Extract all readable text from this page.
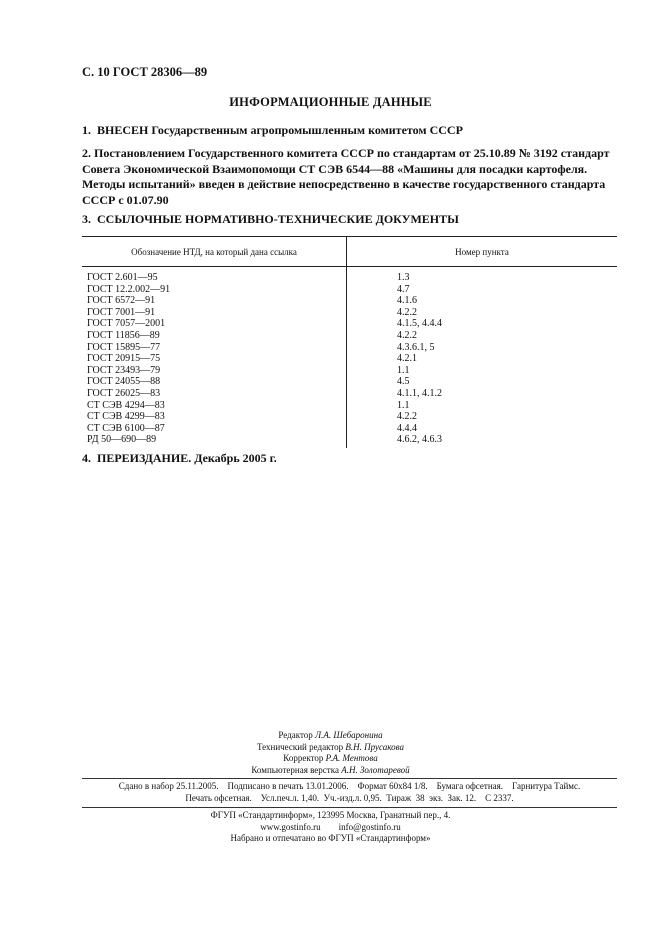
С. 10 ГОСТ 28306—89
ИНФОРМАЦИОННЫЕ ДАННЫЕ
1. ВНЕСЕН Государственным агропромышленным комитетом СССР
2. Постановлением Государственного комитета СССР по стандартам от 25.10.89 № 3192 стандарт
Совета Экономической Взаимопомощи СТ СЭВ 6544—88 «Машины для посадки картофеля.
Методы испытаний» введен в действие непосредственно в качестве государственного стандарта
СССР с 01.07.90
3. ССЫЛОЧНЫЕ НОРМАТИВНО-ТЕХНИЧЕСКИЕ ДОКУМЕНТЫ
Обозначение НТД, на который дана ссылка	Номер пункта
ГОСТ 2.601—95	1.3
ГОСТ 12.2.002—91	4.7
ГОСТ 6572—91	4.1.6
ГОСТ 7001—91	4.2.2
ГОСТ 7057—2001	4.1.5, 4.4.4
ГОСТ 11856—89	4.2.2
ГОСТ 15895—77	4.3.6.1, 5
ГОСТ 20915—75	4.2.1
ГОСТ 23493—79	1.1
ГОСТ 24055—88	4.5
ГОСТ 26025—83	4.1.1, 4.1.2
СТ СЭВ 4294—83	1.1
СТ СЭВ 4299—83	4.2.2
СТ СЭВ 6100—87	4.4.4
РД 50—690—89	4.6.2, 4.6.3
4. ПЕРЕИЗДАНИЕ. Декабрь 2005 г.
Редактор Л.А. Шебаронина
Технический редактор В.Н. Прусакова
Корректор Р.А. Ментова
Компьютерная верстка А.Н. Золотаревой
Сдано в набор 25.11.2005.    Подписано в печать 13.01.2006.    Формат 60x84 1/8.    Бумага офсетная.    Гарнитура Таймс.
Печать офсетная.    Усл.печ.л. 1,40.  Уч.-изд.л. 0,95.  Тираж  38  экз.  Зак. 12.    С 2337.
ФГУП «Стандартинформ», 123995 Москва, Гранатный пер., 4.
www.gostinfo.ru        info@gostinfo.ru
Набрано и отпечатано во ФГУП «Стандартинформ»
